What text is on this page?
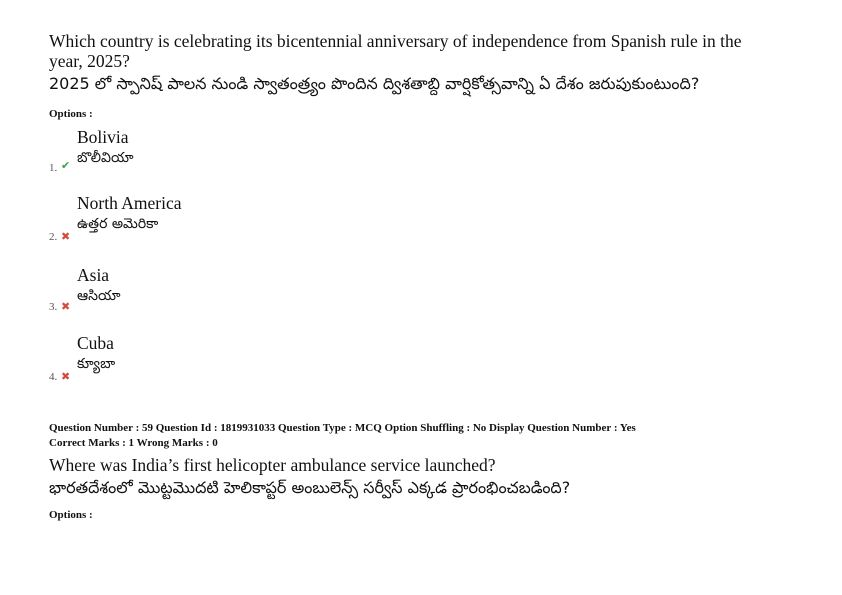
Which country is celebrating its bicentennial anniversary of independence from Spanish rule in the year, 2025?
2025 లో స్పానిష్ పాలన నుండి స్వాతంత్ర్యం పొందిన ద్విశతాబ్ది వార్షికోత్సవాన్ని ఏ దేశం జరుపుకుంటుంది?
Options :
Bolivia
బొలీవియా
1. ✔
North America
ఉత్తర అమెరికా
2. ✖
Asia
ఆసియా
3. ✖
Cuba
క్యూబా
4. ✖
Question Number : 59 Question Id : 1819931033 Question Type : MCQ Option Shuffling : No Display Question Number : Yes
Correct Marks : 1 Wrong Marks : 0
Where was India’s first helicopter ambulance service launched?
భారతదేశంలో మొట్టమొదటి హెలికాప్టర్ అంబులెన్స్ సర్వీస్ ఎక్కడ ప్రారంభించబడింది?
Options :
